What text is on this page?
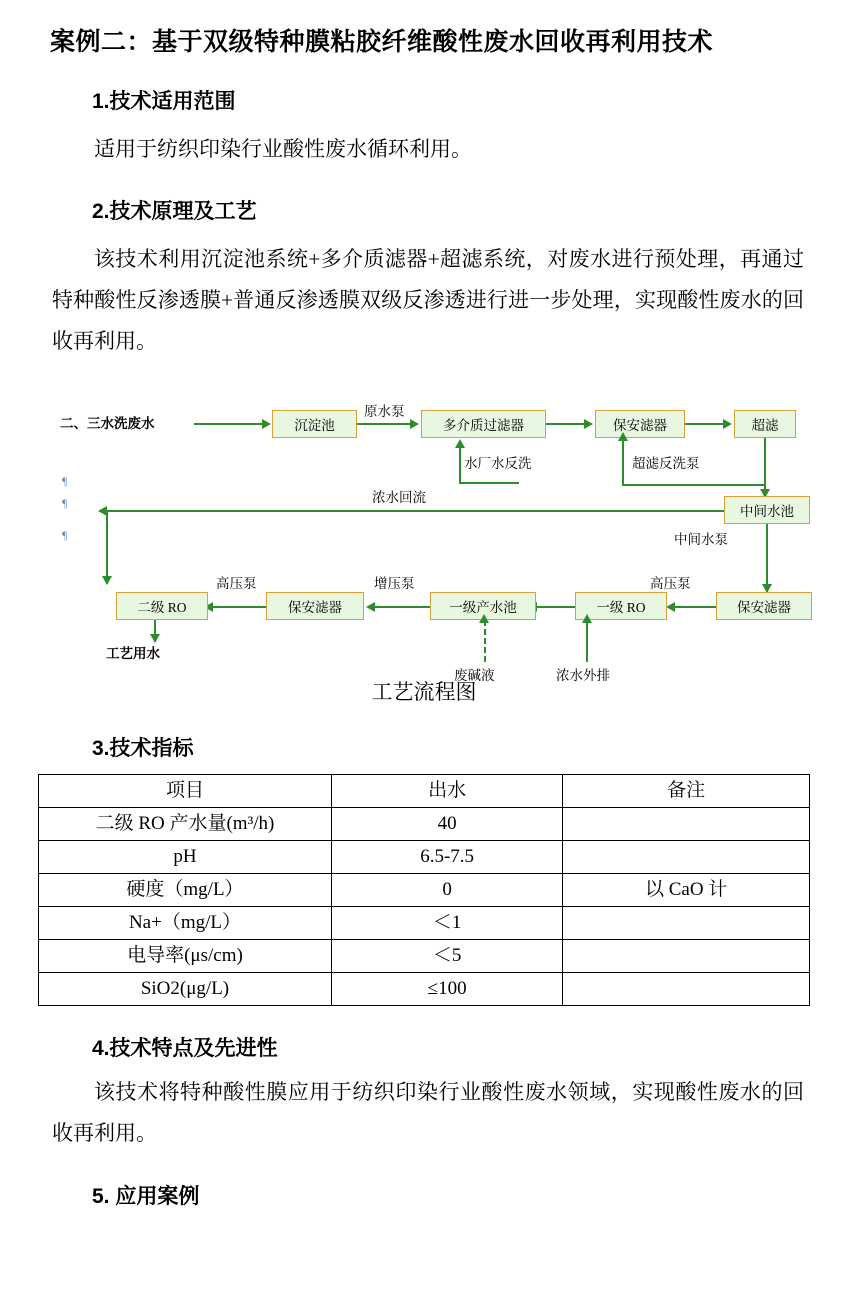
案例二：基于双级特种膜粘胶纤维酸性废水回收再利用技术
1.技术适用范围

适用于纺织印染行业酸性废水循环利用。

2.技术原理及工艺

该技术利用沉淀池系统+多介质滤器+超滤系统，对废水进行预处理，再通过特种酸性反渗透膜+普通反渗透膜双级反渗透进行进一步处理，实现酸性废水的回收再利用。

二、三水洗废水	沉淀池
原水泵
多介质过滤器	保安滤器	超滤
水厂水反洗	超滤反洗泵
中间水池
浓水回流
中间水泵
保安滤器
高压泵
一级 RO
一级产水池
增压泵
保安滤器
高压泵
二级 RO
工艺用水
废碱液	浓水外排
¶
¶
¶
工艺流程图
3.技术指标
项目	出水	备注
二级 RO 产水量(m³/h)	40	
pH	6.5-7.5	
硬度（mg/L）	0	以 CaO 计
Na+（mg/L）	＜1	
电导率(μs/cm)	＜5	
SiO2(μg/L)	≤100	
4.技术特点及先进性

该技术将特种酸性膜应用于纺织印染行业酸性废水领域，实现酸性废水的回收再利用。

5. 应用案例
